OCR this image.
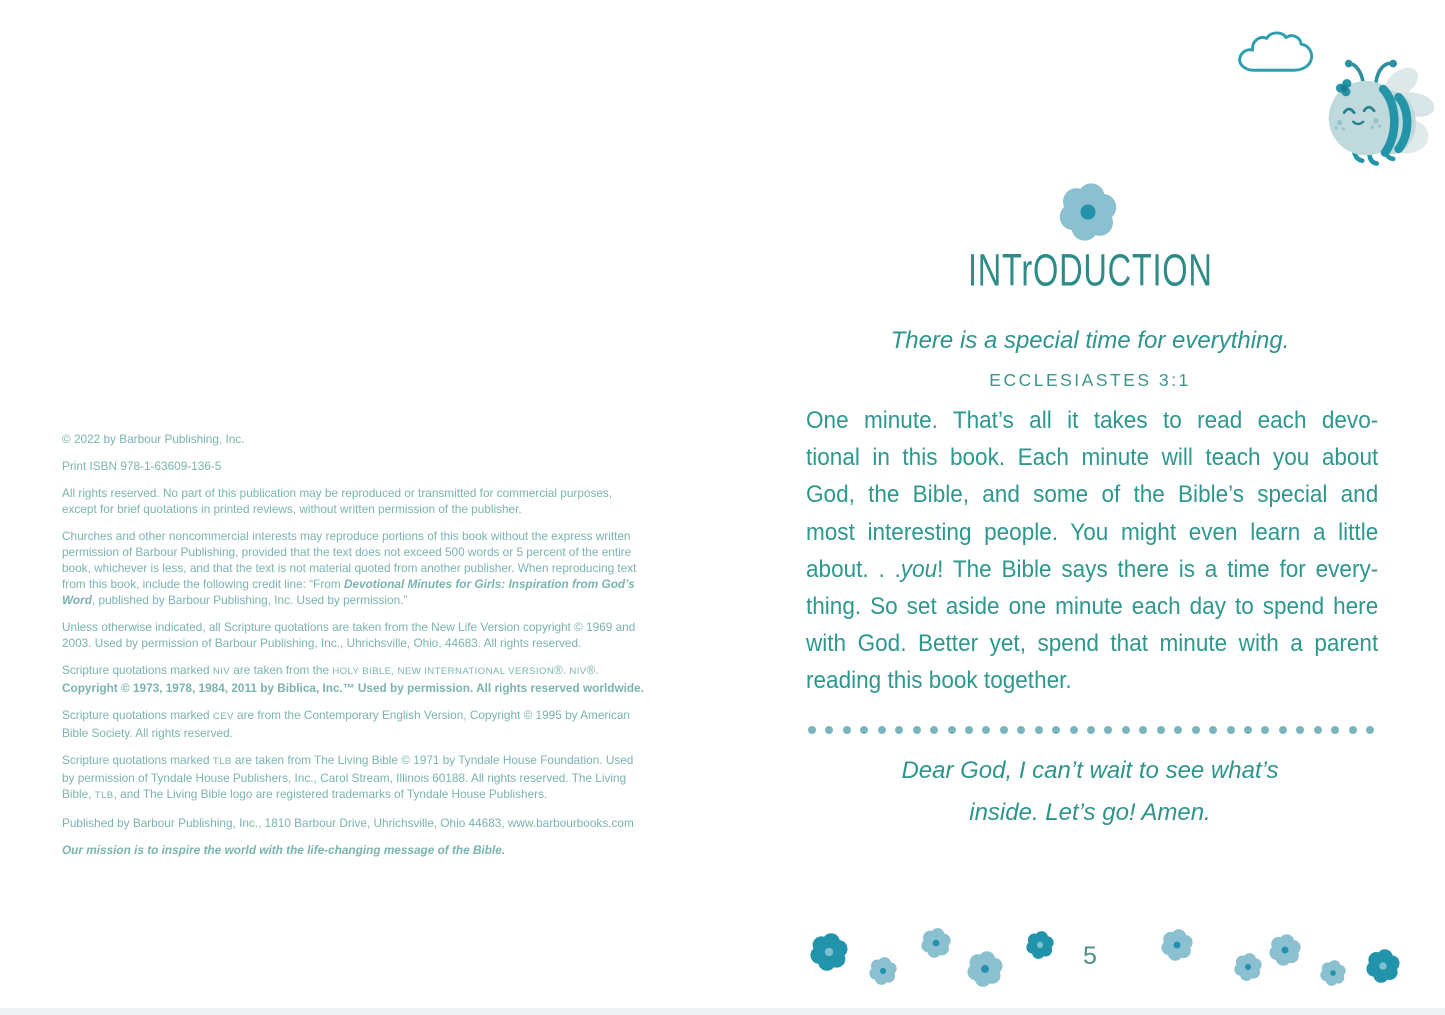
© 2022 by Barbour Publishing, Inc.

Print ISBN 978-1-63609-136-5

All rights reserved. No part of this publication may be reproduced or transmitted for commercial purposes, except for brief quotations in printed reviews, without written permission of the publisher.

Churches and other noncommercial interests may reproduce portions of this book without the express written permission of Barbour Publishing, provided that the text does not exceed 500 words or 5 percent of the entire book, whichever is less, and that the text is not material quoted from another publisher. When reproducing text from this book, include the following credit line: “From Devotional Minutes for Girls: Inspiration from God’s Word, published by Barbour Publishing, Inc. Used by permission.”

Unless otherwise indicated, all Scripture quotations are taken from the New Life Version copyright © 1969 and 2003. Used by permission of Barbour Publishing, Inc., Uhrichsville, Ohio, 44683. All rights reserved.

Scripture quotations marked NIV are taken from the HOLY BIBLE, NEW INTERNATIONAL VERSION®. NIV®. Copyright © 1973, 1978, 1984, 2011 by Biblica, Inc.™ Used by permission. All rights reserved worldwide.

Scripture quotations marked CEV are from the Contemporary English Version, Copyright © 1995 by American Bible Society. All rights reserved.

Scripture quotations marked TLB are taken from The Living Bible © 1971 by Tyndale House Foundation. Used by permission of Tyndale House Publishers, Inc., Carol Stream, Illinois 60188. All rights reserved. The Living Bible, TLB, and The Living Bible logo are registered trademarks of Tyndale House Publishers.

Published by Barbour Publishing, Inc., 1810 Barbour Drive, Uhrichsville, Ohio 44683, www.barbourbooks.com

Our mission is to inspire the world with the life-changing message of the Bible.

INTrODUCTION
There is a special time for everything.
ECCLESIASTES 3:1
One minute. That’s all it takes to read each devo-
tional in this book. Each minute will teach you about
God, the Bible, and some of the Bible’s special and
most interesting people. You might even learn a little
about. . .you! The Bible says there is a time for every-
thing. So set aside one minute each day to spend here
with God. Better yet, spend that minute with a parent
reading this book together.
Dear God, I can’t wait to see what’s
inside. Let’s go! Amen.
5
